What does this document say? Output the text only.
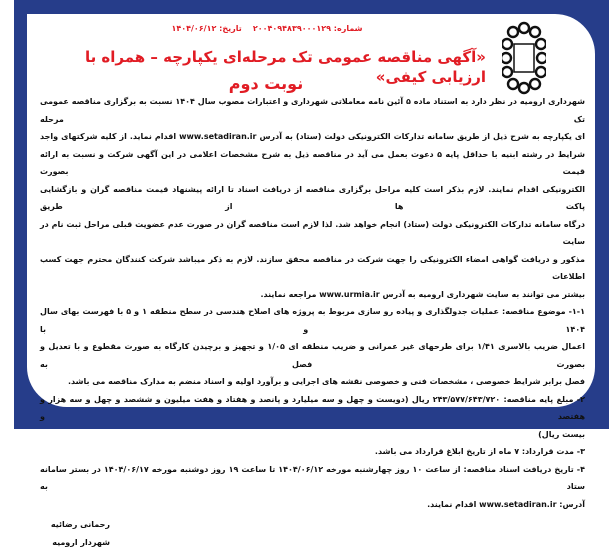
شماره: ۲۰۰۴۰۹۴۸۳۹۰۰۰۱۲۹    تاریخ: ۱۴۰۴/۰۶/۱۲
«آگهی مناقصه عمومی تک مرحله‌ای یکپارچه – همراه با ارزیابی کیفی»
نوبت دوم
شهرداری ارومیه در نظر دارد به استناد ماده ۵ آئین نامه معاملاتی شهرداری و اعتبارات مصوب سال ۱۴۰۴ نسبت به برگزاری مناقصه عمومی تک مرحله
ای یکپارچه به شرح ذیل از طریق سامانه تدارکات الکترونیکی دولت (ستاد) به آدرس www.setadiran.ir اقدام نماید. از کلیه شرکتهای واجد
شرایط در رشته ابنیه با حداقل پایه ۵ دعوت بعمل می آید در مناقصه ذیل به شرح مشخصات اعلامی در این آگهی شرکت و نسبت به ارائه قیمت بصورت
الکترونیکی اقدام نمایند. لازم بذکر است کلیه مراحل برگزاری مناقصه از دریافت اسناد تا ارائه پیشنهاد قیمت مناقصه گران و بازگشایی پاکت ها از طریق
درگاه سامانه تدارکات الکترونیکی دولت (ستاد) انجام خواهد شد. لذا لازم است مناقصه گران در صورت عدم عضویت قبلی مراحل ثبت نام در سایت
مذکور و دریافت گواهی امضاء الکترونیکی را جهت شرکت در مناقصه محقق سازند. لازم به ذکر میباشد شرکت کنندگان محترم جهت کسب اطلاعات
بیشتر می توانند به سایت شهرداری ارومیه به آدرس www.urmia.ir مراجعه نمایند.
۱-۱- موضوع مناقصه: عملیات جدولگذاری و پیاده رو سازی مربوط به پروژه های اصلاح هندسی در سطح منطقه ۱ و ۵ با فهرست بهای سال ۱۴۰۴ و با
اعمال ضریب بالاسری ۱/۴۱ برای طرحهای غیر عمرانی و ضریب منطقه ای ۱/۰۵ و تجهیز و برچیدن کارگاه به صورت مقطوع و با تعدیل و بصورت فصل به
فصل برابر شرایط خصوصی ، مشخصات فنی و خصوصی نقشه های اجرایی و برآورد اولیه و اسناد منضم به مدارک مناقصه می باشد.
۲- مبلغ پایه مناقصه: ۲۴۳/۵۷۷/۶۴۳/۷۲۰ ریال (دویست و چهل و سه میلیارد و پانصد و هفتاد و هفت میلیون و ششصد و چهل و سه هزار و هفتصد و
بیست ریال)
۳- مدت قرارداد: ۷ ماه از تاریخ ابلاغ قرارداد می باشد.
۴- تاریخ دریافت اسناد مناقصه: از ساعت ۱۰ روز چهارشنبه مورخه ۱۴۰۴/۰۶/۱۲ تا ساعت ۱۹ روز دوشنبه مورخه ۱۴۰۴/۰۶/۱۷ در بستر سامانه ستاد به
آدرس: www.setadiran.ir اقدام نمایند.
رحمانی رضائیه
شهردار ارومیه
